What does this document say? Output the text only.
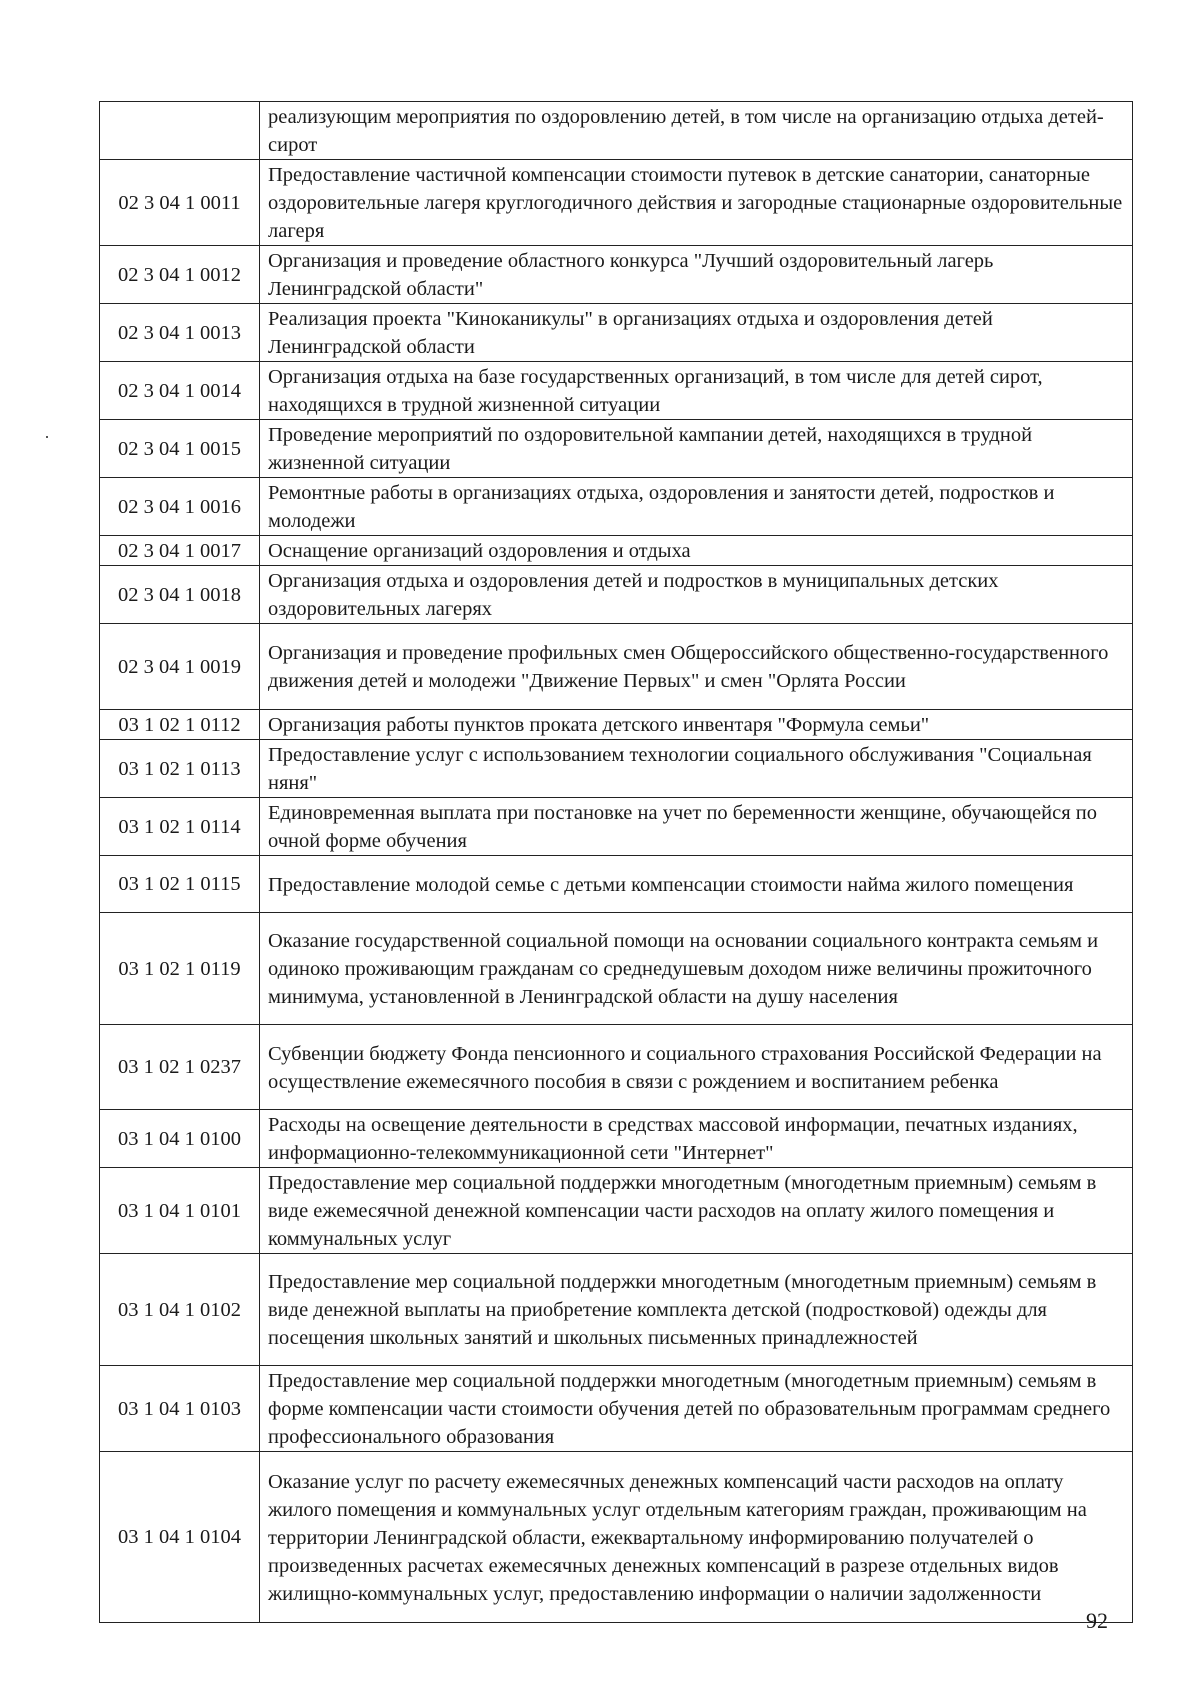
	реализующим мероприятия по оздоровлению детей, в том числе на организацию отдыха детей-сирот
02 3 04 1 0011	Предоставление частичной компенсации стоимости путевок в детские санатории, санаторные оздоровительные лагеря круглогодичного действия и загородные стационарные оздоровительные лагеря
02 3 04 1 0012	Организация и проведение областного конкурса "Лучший оздоровительный лагерь Ленинградской области"
02 3 04 1 0013	Реализация проекта "Киноканикулы" в организациях отдыха и оздоровления детей Ленинградской области
02 3 04 1 0014	Организация отдыха на базе государственных организаций, в том числе для детей сирот, находящихся в трудной жизненной ситуации
02 3 04 1 0015	Проведение мероприятий по оздоровительной кампании детей, находящихся в трудной жизненной ситуации
02 3 04 1 0016	Ремонтные работы в организациях отдыха, оздоровления и занятости детей, подростков и молодежи
02 3 04 1 0017	Оснащение организаций оздоровления и отдыха
02 3 04 1 0018	Организация отдыха и оздоровления детей и подростков в муниципальных детских оздоровительных лагерях
02 3 04 1 0019	Организация и проведение профильных смен Общероссийского общественно-государственного движения детей и молодежи "Движение Первых" и смен "Орлята России
03 1 02 1 0112	Организация работы пунктов проката детского инвентаря "Формула семьи"
03 1 02 1 0113	Предоставление услуг с использованием технологии социального обслуживания "Социальная няня"
03 1 02 1 0114	Единовременная выплата при постановке на учет по беременности женщине, обучающейся по очной форме обучения
03 1 02 1 0115	Предоставление молодой семье с детьми компенсации стоимости найма жилого помещения
03 1 02 1 0119	Оказание государственной социальной помощи на основании социального контракта семьям и одиноко проживающим гражданам со среднедушевым доходом ниже величины прожиточного минимума, установленной в Ленинградской области на душу населения
03 1 02 1 0237	Субвенции бюджету Фонда пенсионного и социального страхования Российской Федерации на осуществление ежемесячного пособия в связи с рождением и воспитанием ребенка
03 1 04 1 0100	Расходы на освещение деятельности в средствах массовой информации, печатных изданиях, информационно-телекоммуникационной сети "Интернет"
03 1 04 1 0101	Предоставление мер социальной поддержки многодетным (многодетным приемным) семьям в виде ежемесячной денежной компенсации части расходов на оплату жилого помещения и коммунальных услуг
03 1 04 1 0102	Предоставление мер социальной поддержки многодетным (многодетным приемным) семьям в виде денежной выплаты на приобретение комплекта детской (подростковой) одежды для посещения школьных занятий и школьных письменных принадлежностей
03 1 04 1 0103	Предоставление мер социальной поддержки многодетным (многодетным приемным) семьям в форме компенсации части стоимости обучения детей по образовательным программам среднего профессионального образования
03 1 04 1 0104	Оказание услуг по расчету ежемесячных денежных компенсаций части расходов на оплату жилого помещения и коммунальных услуг отдельным категориям граждан, проживающим на территории Ленинградской области, ежеквартальному информированию получателей о произведенных расчетах ежемесячных денежных компенсаций в разрезе отдельных видов жилищно-коммунальных услуг, предоставлению информации о наличии задолженности
92
